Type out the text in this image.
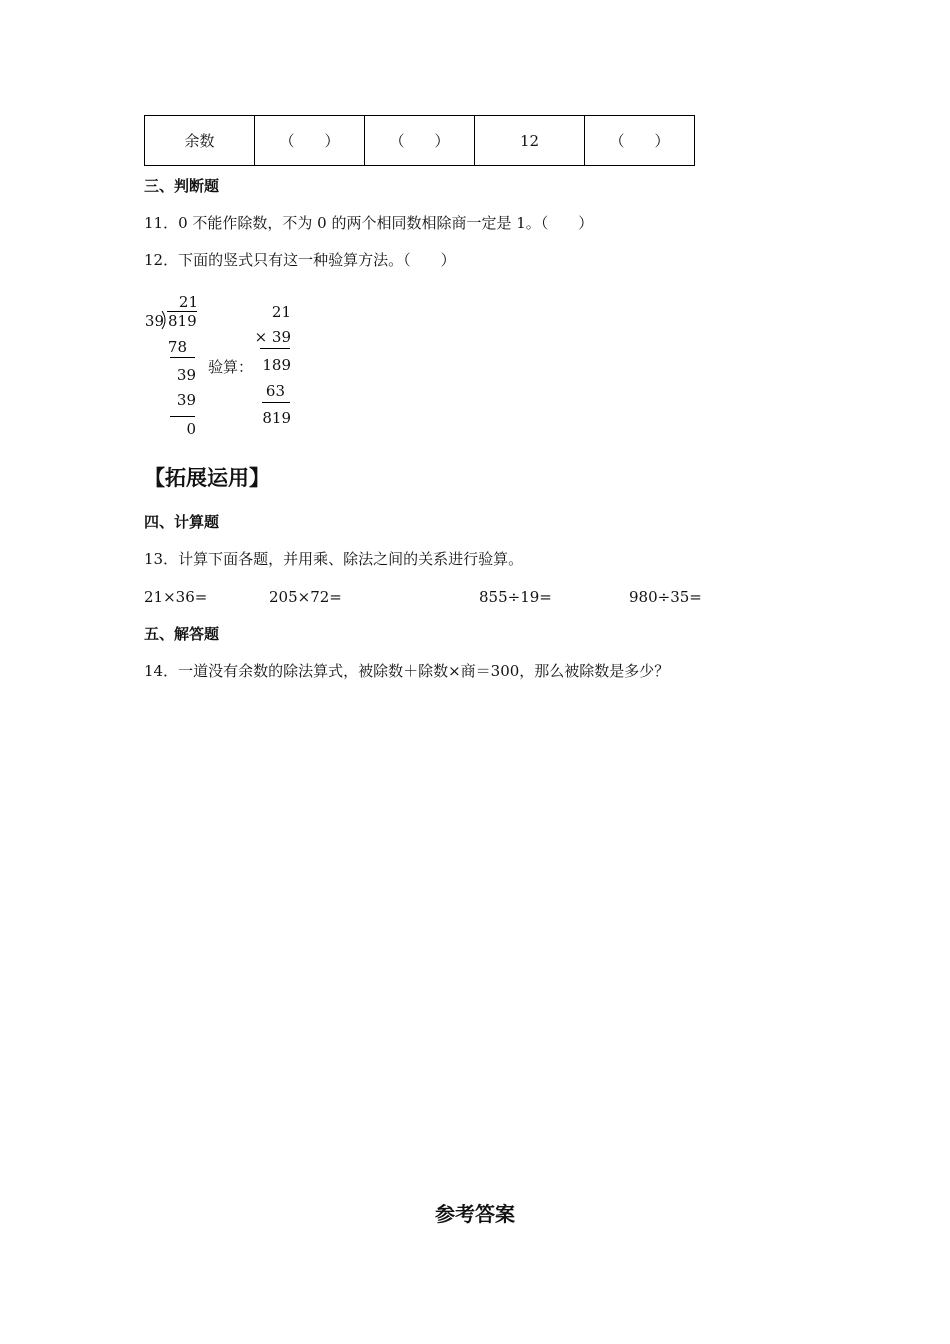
余数	（　　）	（　　）	12	（　　）
三、判断题
11．0 不能作除数，不为 0 的两个相同数相除商一定是 1。（　　）
12．下面的竖式只有这一种验算方法。（　　）
21
39 819
78
39
39
0
验算：
21
× 39
189
63
819
【拓展运用】
四、计算题
13．计算下面各题，并用乘、除法之间的关系进行验算。
21×36=	205×72=	855÷19=	980÷35=
五、解答题
14．一道没有余数的除法算式，被除数＋除数×商＝300，那么被除数是多少？
参考答案
